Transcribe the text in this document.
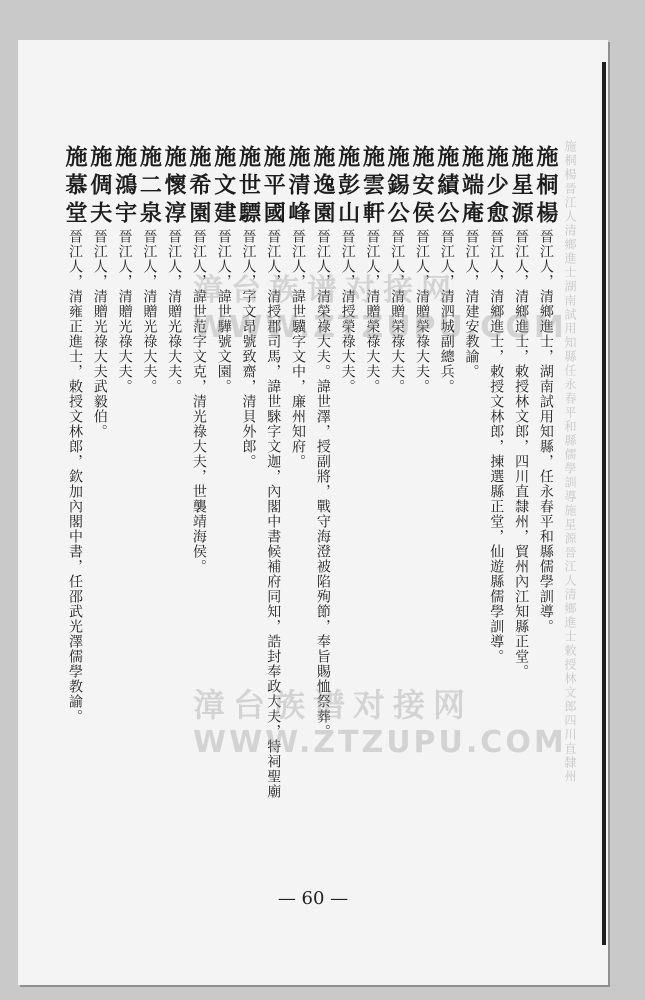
施桐楊晉江人清鄉進士湖南試用知縣任永春平和縣儒學訓導施星源晉江人清鄉進士敕授林文郎四川直隸州
施桐楊晉江人，清鄉進士，湖南試用知縣，任永春平和縣儒學訓導。
施星源晉江人，清鄉進士，敕授林文郎，四川直隸州，貿州內江知縣正堂。
施少愈晉江人，清鄉進士，敕授文林郎，揀選縣正堂，仙遊縣儒學訓導。
施端庵晉江人，清建安教諭。
施績公晉江人，清泗城副總兵。
施安侯晉江人，清贈榮祿大夫。
施錫公晉江人，清贈榮祿大夫。
施雲軒晉江人，清贈榮祿大夫。
施彭山晉江人，清授榮祿大夫。
施逸園晉江人，清榮祿大夫。諱世澤，授副將，戰守海澄被陷殉節，奉旨賜恤祭葬。
施清峰晉江人，諱世驥字文中，廉州知府。
施平國晉江人，清授郡司馬，諱世騋字文迦，內閣中書候補府同知，誥封奉政大夫，特祠聖廟
施世驃晉江人，字文昂號致齋，清貝外郎。
施文建晉江人，諱世驊號文園。
施希園晉江人，諱世范字文克，清光祿大夫，世襲靖海侯。
施懷淳晉江人，清贈光祿大夫。
施二泉晉江人，清贈光祿大夫。
施鴻宇晉江人，清贈光祿大夫。
施倜夫晉江人，清贈光祿大夫武毅伯。
施慕堂晉江人，清雍正進士，敕授文林郎，欽加內閣中書，任邵武光澤儒學教諭。	漳台族谱对接网
WWW.ZTZUPU.COM
漳台族谱对接网
WWW.ZTZUPU.COM
— 60 —
